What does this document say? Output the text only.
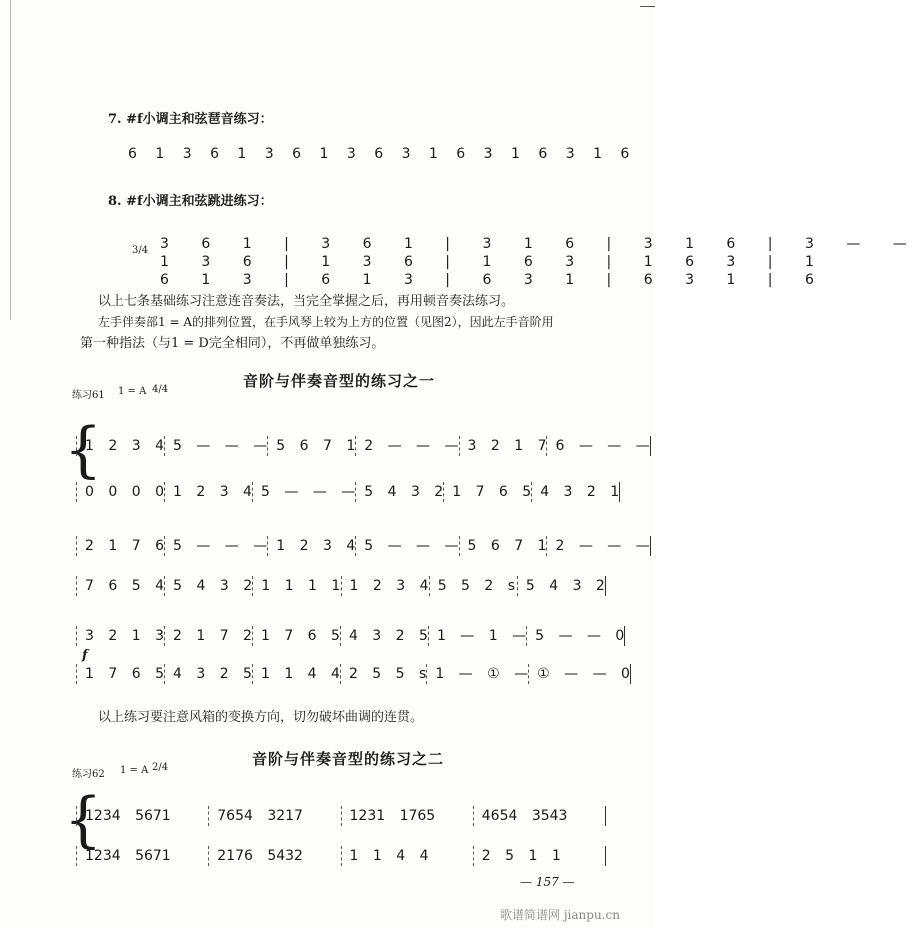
7. #f小调主和弦琶音练习：
6 1 3 6 1 3 6 1 3 6 3 1 6 3 1 6 3 1 6
8. #f小调主和弦跳进练习：
3/4 3 6 1 | 3 6 1 | 3 1 6 | 3 1 6 | 3 — —
1 3 6 | 1 3 6 | 1 6 3 | 1 6 3 | 1
6 1 3 | 6 1 3 | 6 3 1 | 6 3 1 | 6
以上七条基础练习注意连音奏法，当完全掌握之后，再用顿音奏法练习。
左手伴奏部1 = A的排列位置，在手风琴上较为上方的位置（见图2），因此左手音阶用
第一种指法（与1 = D完全相同），不再做单独练习。
音阶与伴奏音型的练习之一
练习61 1 = A 4/4
{
1 2 3 4 5 — — — 5 6 7 1 2 — — — 3 2 1 7 6 — — —
0 0 0 0 1 2 3 4 5 — — — 5 4 3 2 1 7 6 5 4 3 2 1
2 1 7 6 5 — — — 1 2 3 4 5 — — — 5 6 7 1 2 — — —
7 6 5 4 5 4 3 2 1 1 1 1 1 2 3 4 5 5 2 s 5 4 3 2
3 2 1 3 2 1 7 2 1 7 6 5 4 3 2 5 1 — 1 — 5 — — 0
f
1 7 6 5 4 3 2 5 1 1 4 4 2 5 5 s 1 — ① — ① — — 0
以上练习要注意风箱的变换方向，切勿破坏曲调的连贯。
音阶与伴奏音型的练习之二
练习62 1 = A 2/4
{
1234 5671	7654 3217	1231 1765	4654 3543
1234 5671	2176 5432	1 1 4 4	2 5 1 1
— 157 —
歌谱简谱网 jianpu.cn
